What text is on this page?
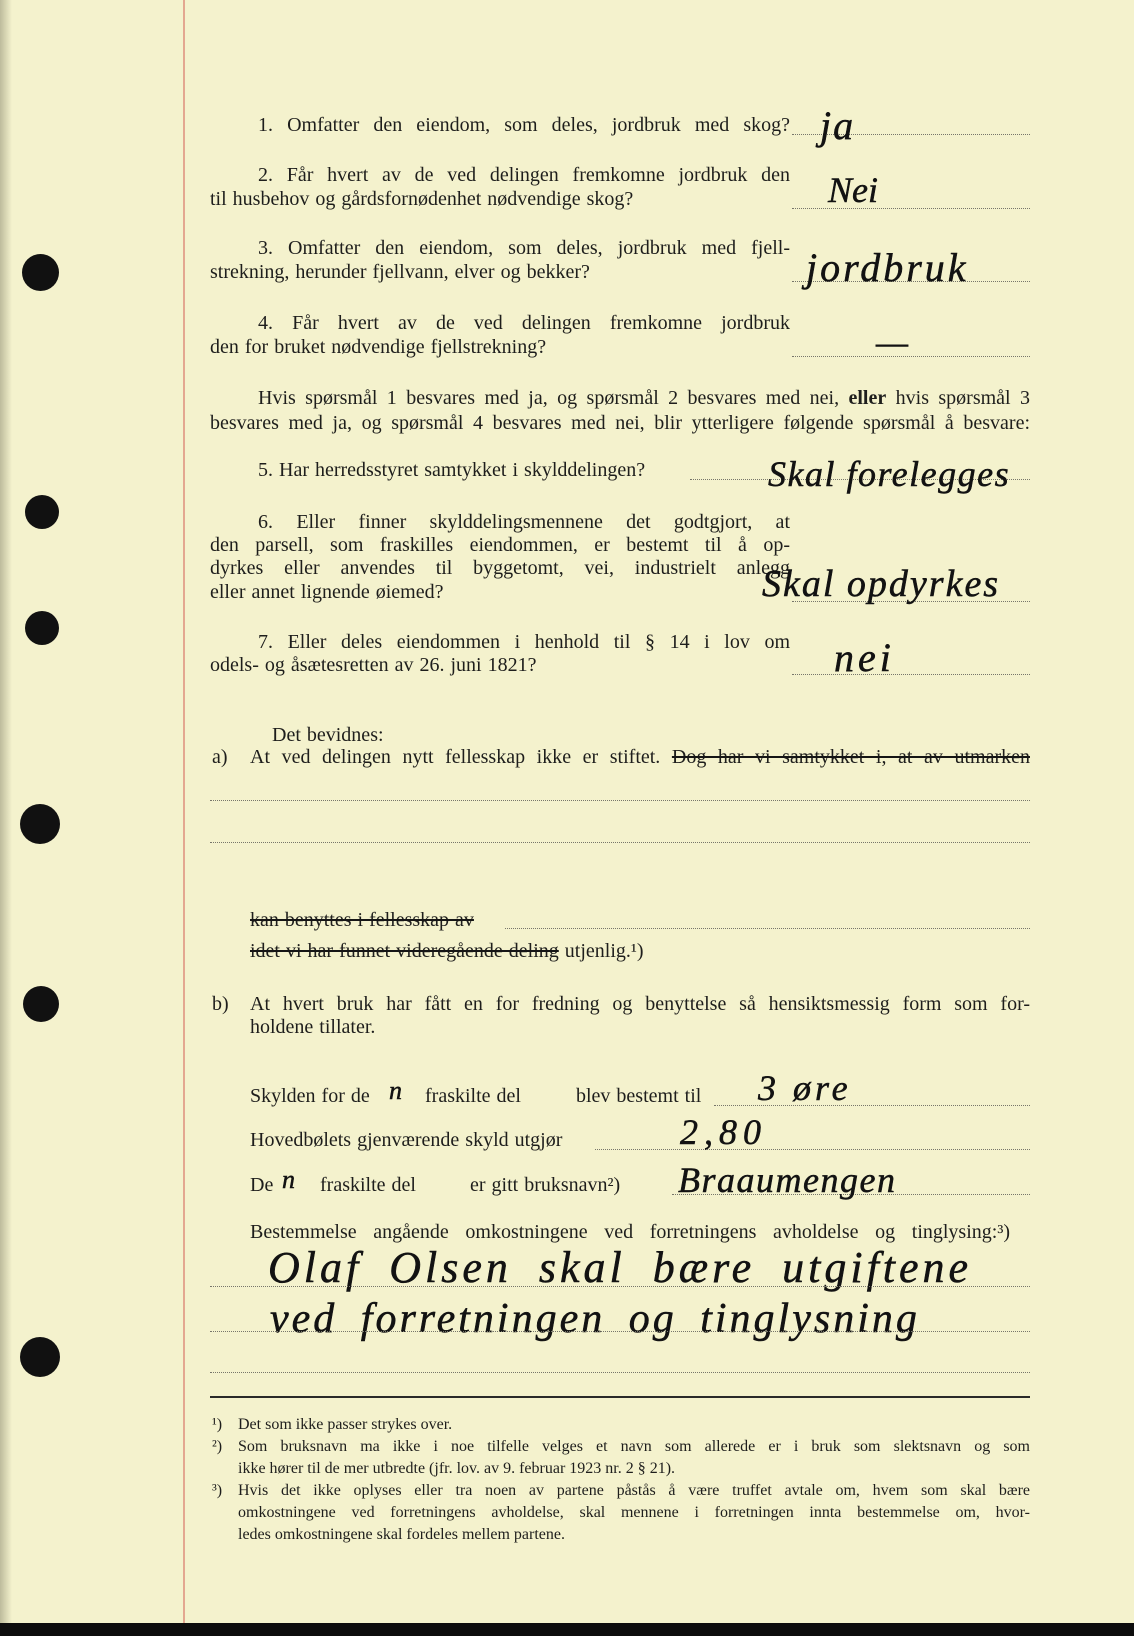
1. Omfatter den eiendom, som deles, jordbruk med skog? ja
2. Får hvert av de ved delingen fremkomne jordbruk den
til husbehov og gårdsfornødenhet nødvendige skog?	Nei
3. Omfatter den eiendom, som deles, jordbruk med fjell-
strekning, herunder fjellvann, elver og bekker?	jordbruk
4. Får hvert av de ved delingen fremkomne jordbruk
den for bruket nødvendige fjellstrekning?	—
Hvis spørsmål 1 besvares med ja, og spørsmål 2 besvares med nei, eller hvis spørsmål 3
besvares med ja, og spørsmål 4 besvares med nei, blir ytterligere følgende spørsmål å besvare:
5. Har herredsstyret samtykket i skylddelingen?	Skal forelegges
6. Eller finner skylddelingsmennene det godtgjort, at
den parsell, som fraskilles eiendommen, er bestemt til å op-
dyrkes eller anvendes til byggetomt, vei, industrielt anlegg
eller annet lignende øiemed?	Skal opdyrkes
7. Eller deles eiendommen i henhold til § 14 i lov om
odels- og åsætesretten av 26. juni 1821?	nei
Det bevidnes:
a) At ved delingen nytt fellesskap ikke er stiftet. Dog har vi samtykket i, at av utmarken
kan benyttes i fellesskap av
idet vi har funnet videregående deling utjenlig.¹)
b) At hvert bruk har fått en for fredning og benyttelse så hensiktsmessig form som for-
holdene tillater.
Skylden for de n fraskilte del	blev bestemt til 3 øre
Hovedbølets gjenværende skyld utgjør	2,80
De n fraskilte del	er gitt bruksnavn²) Braaumengen
Bestemmelse angående omkostningene ved forretningens avholdelse og tinglysing:³)
Olaf Olsen skal bære utgiftene
ved forretningen og tinglysning
¹) Det som ikke passer strykes over.
²) Som bruksnavn ma ikke i noe tilfelle velges et navn som allerede er i bruk som slektsnavn og som
ikke hører til de mer utbredte (jfr. lov. av 9. februar 1923 nr. 2 § 21).
³) Hvis det ikke oplyses eller tra noen av partene påstås å være truffet avtale om, hvem som skal bære
omkostningene ved forretningens avholdelse, skal mennene i forretningen innta bestemmelse om, hvor-
ledes omkostningene skal fordeles mellem partene.
